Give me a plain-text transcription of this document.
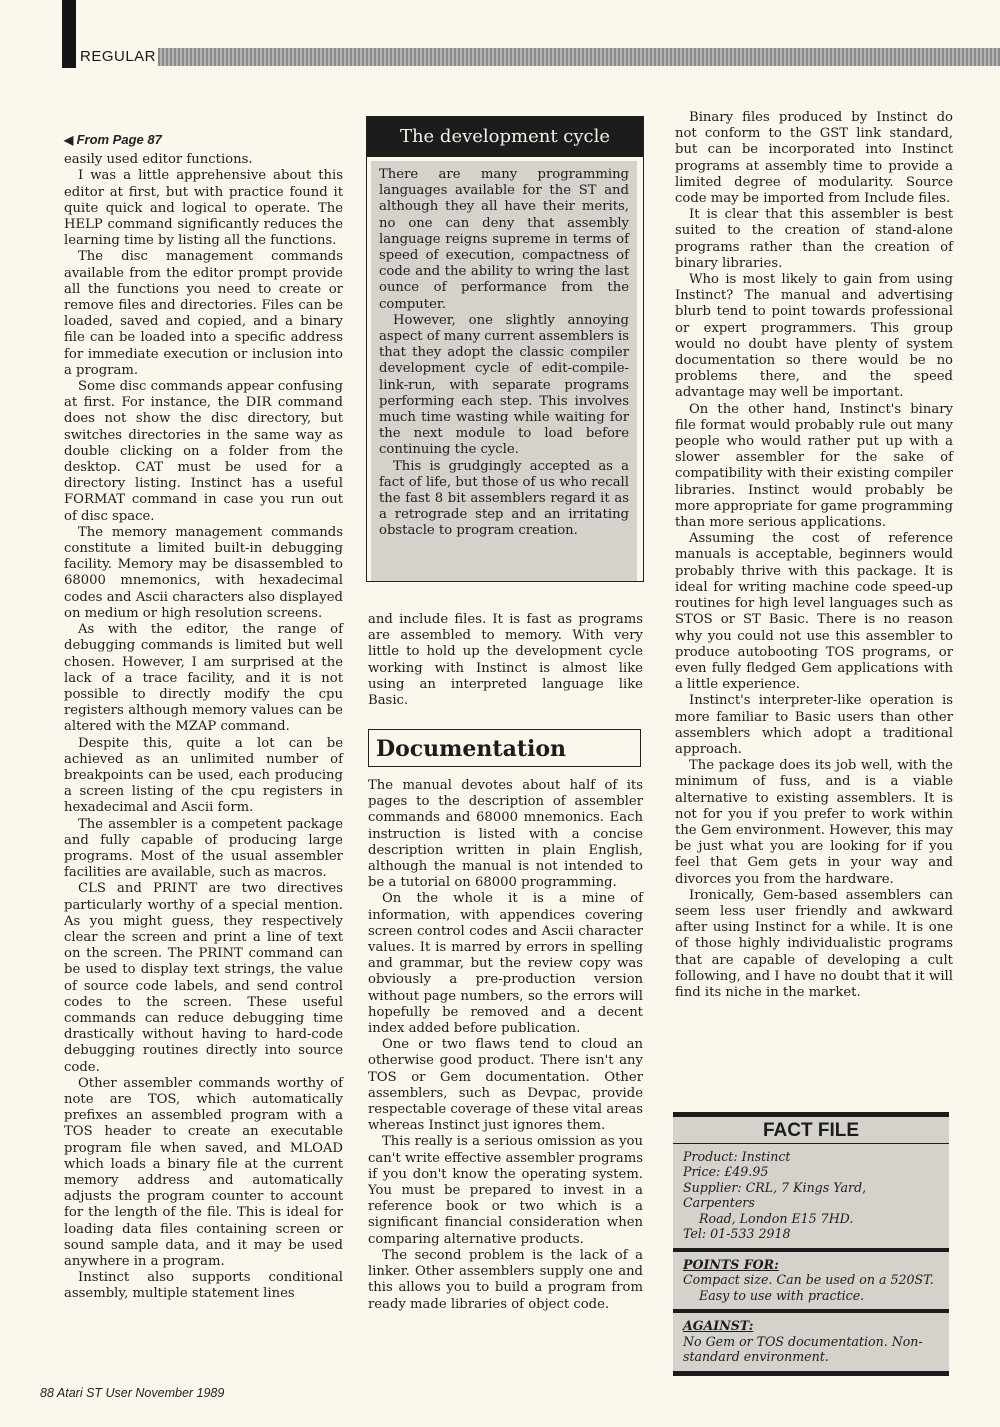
REGULAR
◀ From Page 87

easily used editor functions.

I was a little apprehensive about this editor at first, but with practice found it quite quick and logical to operate. The HELP command significantly reduces the learning time by listing all the functions.

The disc management commands available from the editor prompt provide all the functions you need to create or remove files and directories. Files can be loaded, saved and copied, and a binary file can be loaded into a specific address for immediate execution or inclusion into a program.

Some disc commands appear confusing at first. For instance, the DIR command does not show the disc directory, but switches directories in the same way as double clicking on a folder from the desktop. CAT must be used for a directory listing. Instinct has a useful FORMAT command in case you run out of disc space.

The memory management commands constitute a limited built-in debugging facility. Memory may be disassembled to 68000 mnemonics, with hexadecimal codes and Ascii characters also displayed on medium or high resolution screens.

As with the editor, the range of debugging commands is limited but well chosen. However, I am surprised at the lack of a trace facility, and it is not possible to directly modify the cpu registers although memory values can be altered with the MZAP command.

Despite this, quite a lot can be achieved as an unlimited number of breakpoints can be used, each producing a screen listing of the cpu registers in hexadecimal and Ascii form.

The assembler is a competent package and fully capable of producing large programs. Most of the usual assembler facilities are available, such as macros.

CLS and PRINT are two directives particularly worthy of a special mention. As you might guess, they respectively clear the screen and print a line of text on the screen. The PRINT command can be used to display text strings, the value of source code labels, and send control codes to the screen. These useful commands can reduce debugging time drastically without having to hard-code debugging routines directly into source code.

Other assembler commands worthy of note are TOS, which automatically prefixes an assembled program with a TOS header to create an executable program file when saved, and MLOAD which loads a binary file at the current memory address and automatically adjusts the program counter to account for the length of the file. This is ideal for loading data files containing screen or sound sample data, and it may be used anywhere in a program.

Instinct also supports conditional assembly, multiple statement lines

The development cycle

There are many programming languages available for the ST and although they all have their merits, no one can deny that assembly language reigns supreme in terms of speed of execution, compactness of code and the ability to wring the last ounce of performance from the computer.

However, one slightly annoying aspect of many current assemblers is that they adopt the classic compiler development cycle of edit-compile-link-run, with separate programs performing each step. This involves much time wasting while waiting for the next module to load before continuing the cycle.

This is grudgingly accepted as a fact of life, but those of us who recall the fast 8 bit assemblers regard it as a retrograde step and an irritating obstacle to program creation.

and include files. It is fast as programs are assembled to memory. With very little to hold up the development cycle working with Instinct is almost like using an interpreted language like Basic.

Documentation

The manual devotes about half of its pages to the description of assembler commands and 68000 mnemonics. Each instruction is listed with a concise description written in plain English, although the manual is not intended to be a tutorial on 68000 programming.

On the whole it is a mine of information, with appendices covering screen control codes and Ascii character values. It is marred by errors in spelling and grammar, but the review copy was obviously a pre-production version without page numbers, so the errors will hopefully be removed and a decent index added before publication.

One or two flaws tend to cloud an otherwise good product. There isn't any TOS or Gem documentation. Other assemblers, such as Devpac, provide respectable coverage of these vital areas whereas Instinct just ignores them.

This really is a serious omission as you can't write effective assembler programs if you don't know the operating system. You must be prepared to invest in a reference book or two which is a significant financial consideration when comparing alternative products.

The second problem is the lack of a linker. Other assemblers supply one and this allows you to build a program from ready made libraries of object code.

Binary files produced by Instinct do not conform to the GST link standard, but can be incorporated into Instinct programs at assembly time to provide a limited degree of modularity. Source code may be imported from Include files.

It is clear that this assembler is best suited to the creation of stand-alone programs rather than the creation of binary libraries.

Who is most likely to gain from using Instinct? The manual and advertising blurb tend to point towards professional or expert programmers. This group would no doubt have plenty of system documentation so there would be no problems there, and the speed advantage may well be important.

On the other hand, Instinct's binary file format would probably rule out many people who would rather put up with a slower assembler for the sake of compatibility with their existing compiler libraries. Instinct would probably be more appropriate for game programming than more serious applications.

Assuming the cost of reference manuals is acceptable, beginners would probably thrive with this package. It is ideal for writing machine code speed-up routines for high level languages such as STOS or ST Basic. There is no reason why you could not use this assembler to produce autobooting TOS programs, or even fully fledged Gem applications with a little experience.

Instinct's interpreter-like operation is more familiar to Basic users than other assemblers which adopt a traditional approach.

The package does its job well, with the minimum of fuss, and is a viable alternative to existing assemblers. It is not for you if you prefer to work within the Gem environment. However, this may be just what you are looking for if you feel that Gem gets in your way and divorces you from the hardware.

Ironically, Gem-based assemblers can seem less user friendly and awkward after using Instinct for a while. It is one of those highly individualistic programs that are capable of developing a cult following, and I have no doubt that it will find its niche in the market.

FACT FILE

Product: Instinct

Price: £49.95

Supplier: CRL, 7 Kings Yard, Carpenters

Road, London E15 7HD.

Tel: 01-533 2918

POINTS FOR:

Compact size. Can be used on a 520ST.

Easy to use with practice.

AGAINST:

No Gem or TOS documentation. Non-

standard environment.

88 Atari ST User November 1989
